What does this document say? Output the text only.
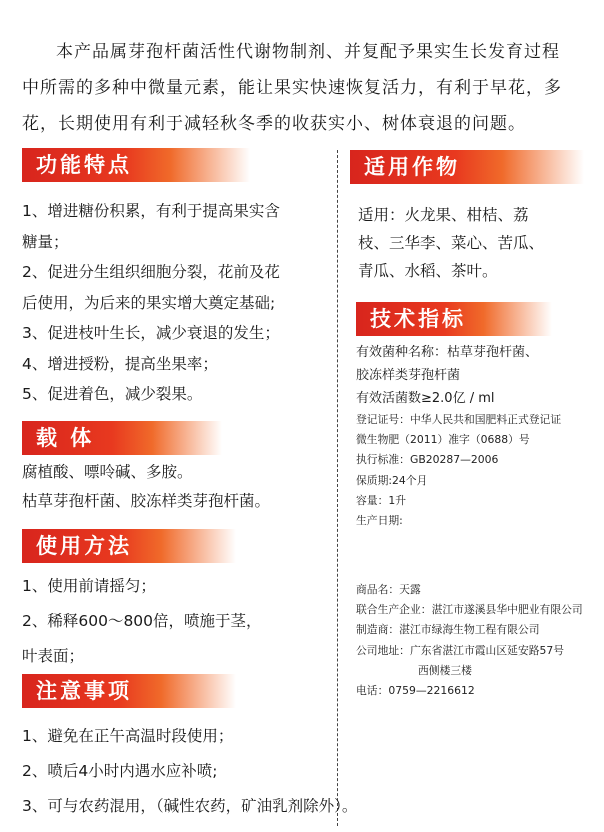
本产品属芽孢杆菌活性代谢物制剂、并复配予果实生长发育过程
中所需的多种中微量元素，能让果实快速恢复活力，有利于早花，多
花，长期使用有利于减轻秋冬季的收获实小、树体衰退的问题。
功能特点
1、增进糖份积累，有利于提高果实含
糖量；
2、促进分生组织细胞分裂，花前及花
后使用，为后来的果实增大奠定基础;
3、促进枝叶生长，减少衰退的发生；
4、增进授粉，提高坐果率；
5、促进着色，减少裂果。
载 体
腐植酸、嘌呤碱、多胺。
枯草芽孢杆菌、胶冻样类芽孢杆菌。
使用方法
1、使用前请摇匀；
2、稀释600～800倍，喷施于茎，
叶表面；
注意事项
1、避免在正午高温时段使用；
2、喷后4小时内遇水应补喷;
3、可与农药混用，（碱性农药，矿油乳剂除外）。
适用作物
适用：火龙果、柑桔、荔
枝、三华李、菜心、苦瓜、
青瓜、水稻、茶叶。
技术指标
有效菌种名称：枯草芽孢杆菌、
胶冻样类芽孢杆菌
有效活菌数≥2.0亿 / ml
登记证号：中华人民共和国肥料正式登记证
微生物肥（2011）准字（0688）号
执行标准：GB20287—2006
保质期:24个月
容量：1升
生产日期:
商品名：天露
联合生产企业：湛江市遂溪县华中肥业有限公司
制造商：湛江市绿海生物工程有限公司
公司地址：广东省湛江市霞山区延安路57号
西侧楼三楼
电话：0759—2216612
